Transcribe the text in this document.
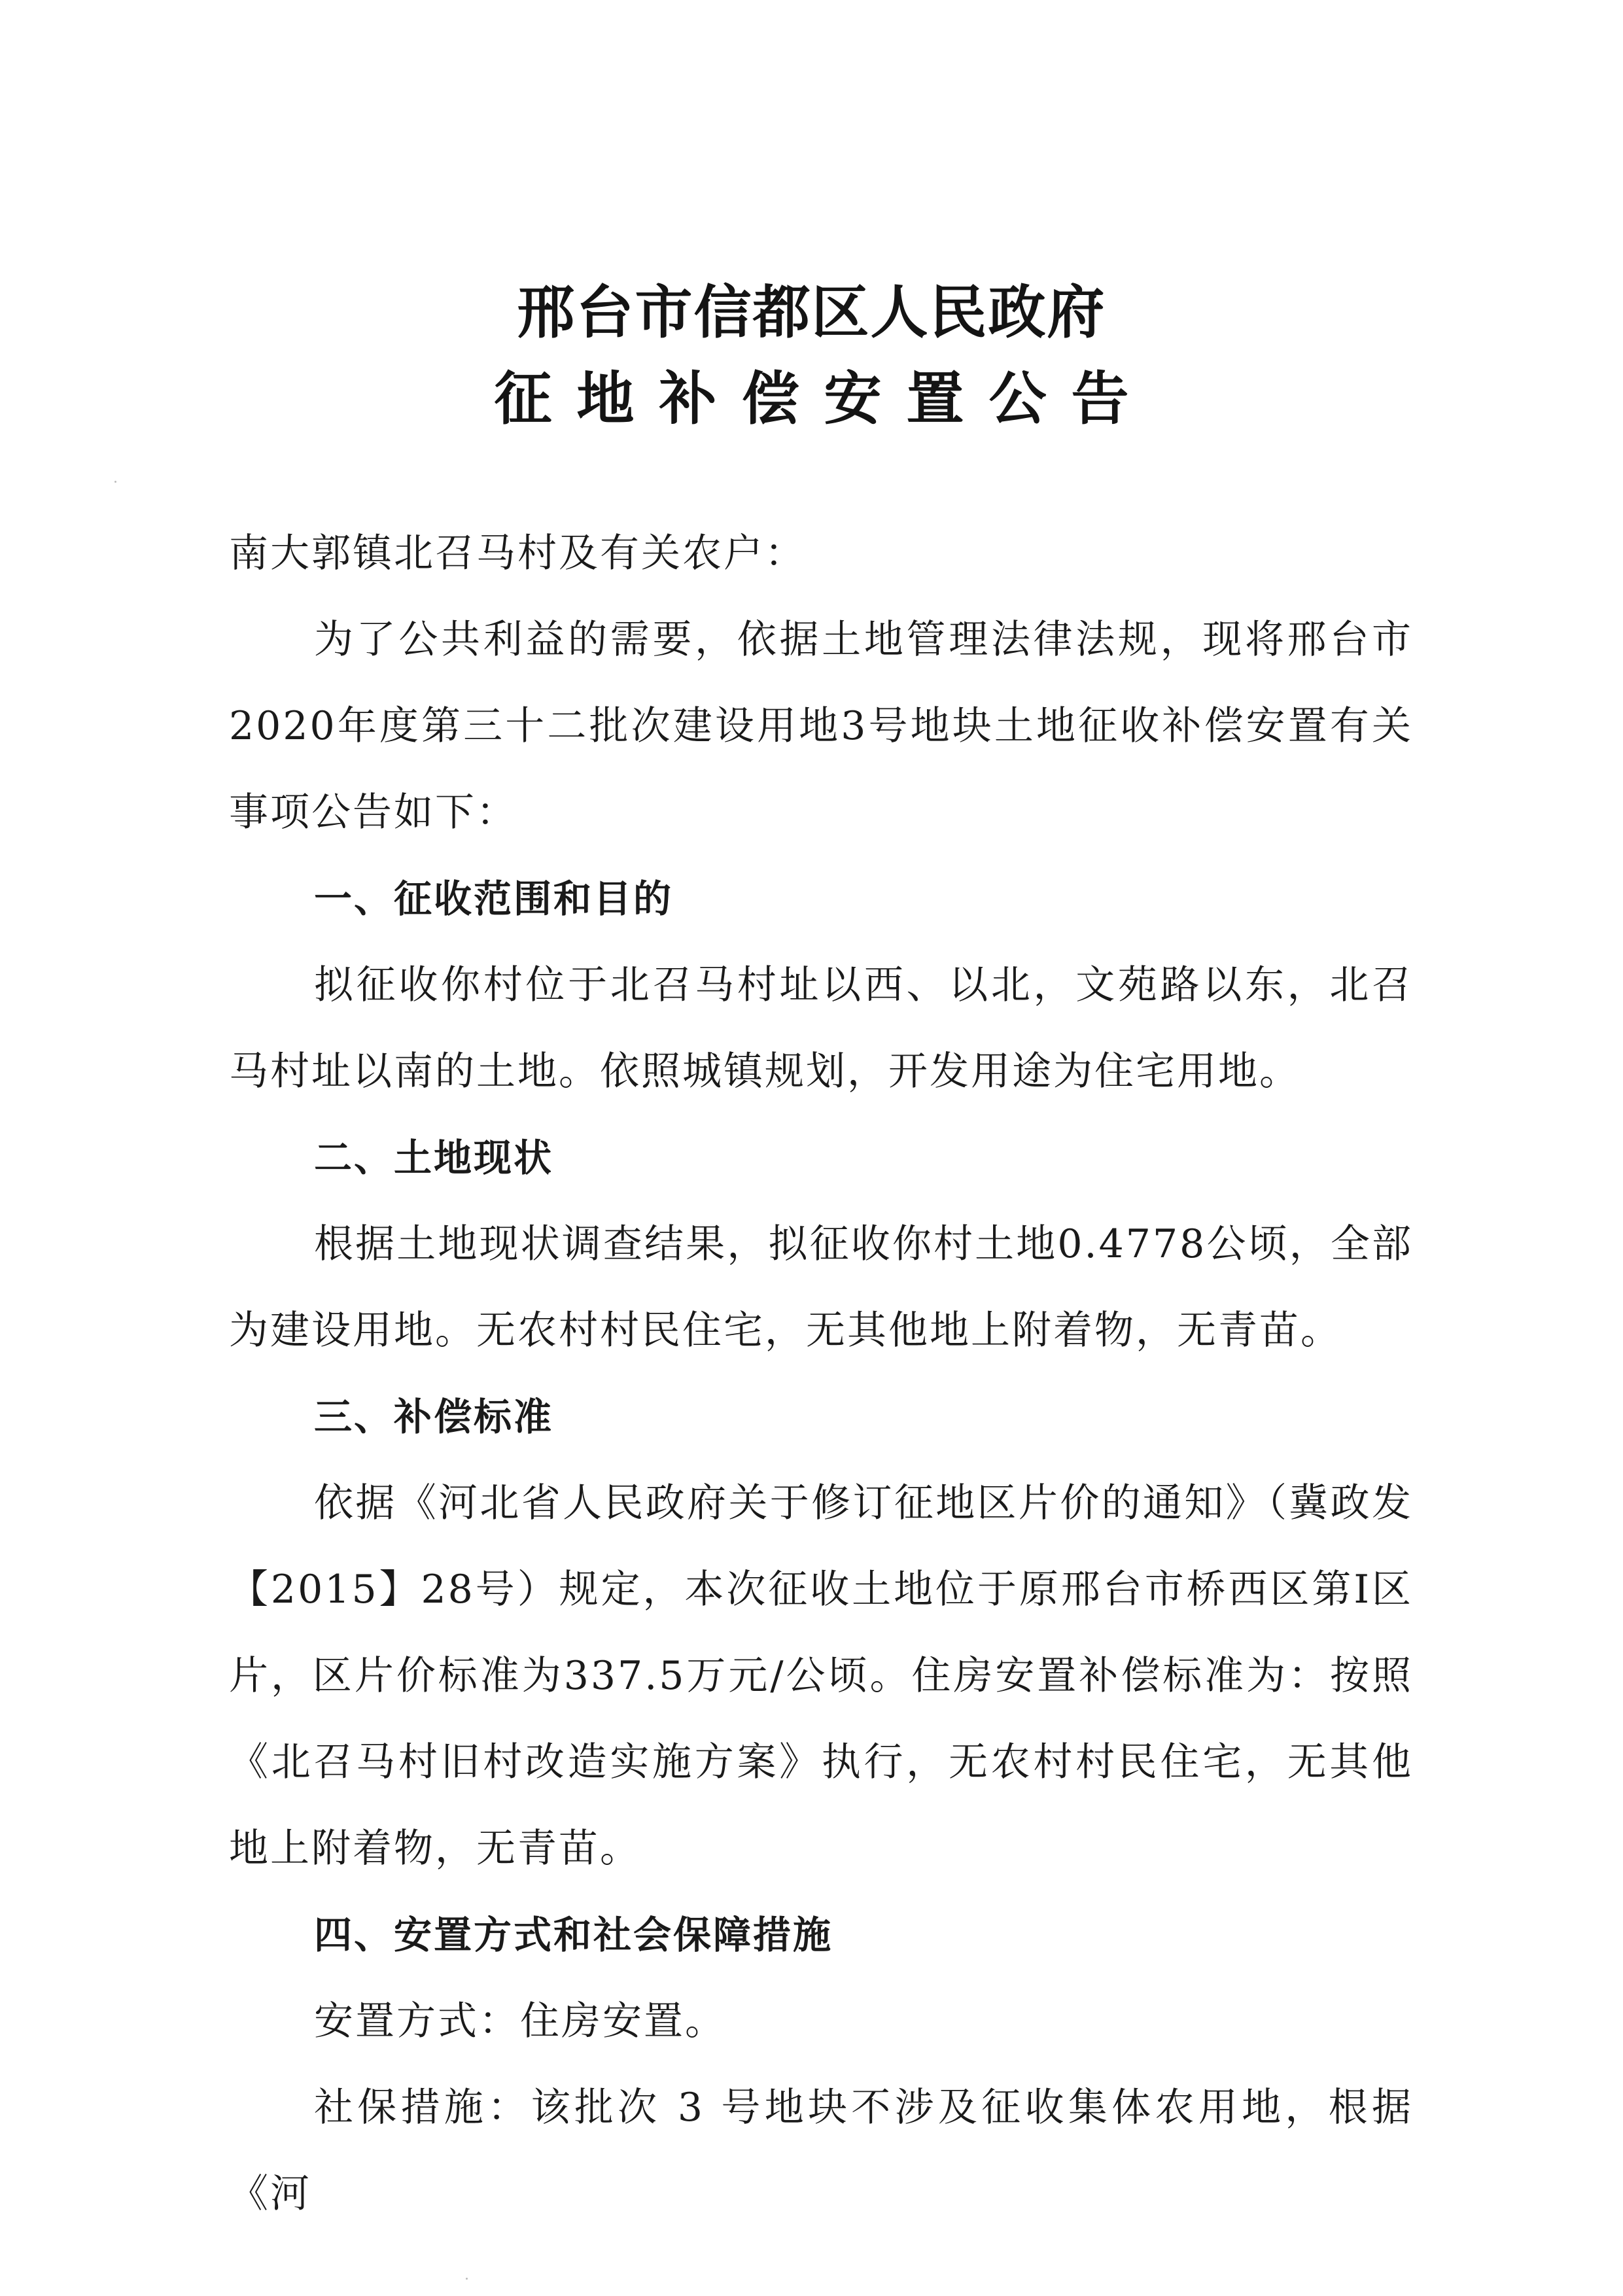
邢台市信都区人民政府
征地补偿安置公告

南大郭镇北召马村及有关农户：

为了公共利益的需要，依据土地管理法律法规，现将邢台市2020年度第三十二批次建设用地3号地块土地征收补偿安置有关事项公告如下：

一、征收范围和目的

拟征收你村位于北召马村址以西、以北，文苑路以东，北召马村址以南的土地。依照城镇规划，开发用途为住宅用地。

二、土地现状

根据土地现状调查结果，拟征收你村土地0.4778公顷，全部为建设用地。无农村村民住宅，无其他地上附着物，无青苗。

三、补偿标准

依据《河北省人民政府关于修订征地区片价的通知》（冀政发【2015】28号）规定，本次征收土地位于原邢台市桥西区第Ⅰ区片，区片价标准为337.5万元/公顷。住房安置补偿标准为：按照《北召马村旧村改造实施方案》执行，无农村村民住宅，无其他地上附着物，无青苗。

四、安置方式和社会保障措施

安置方式：住房安置。

社保措施：该批次 3 号地块不涉及征收集体农用地，根据《河
